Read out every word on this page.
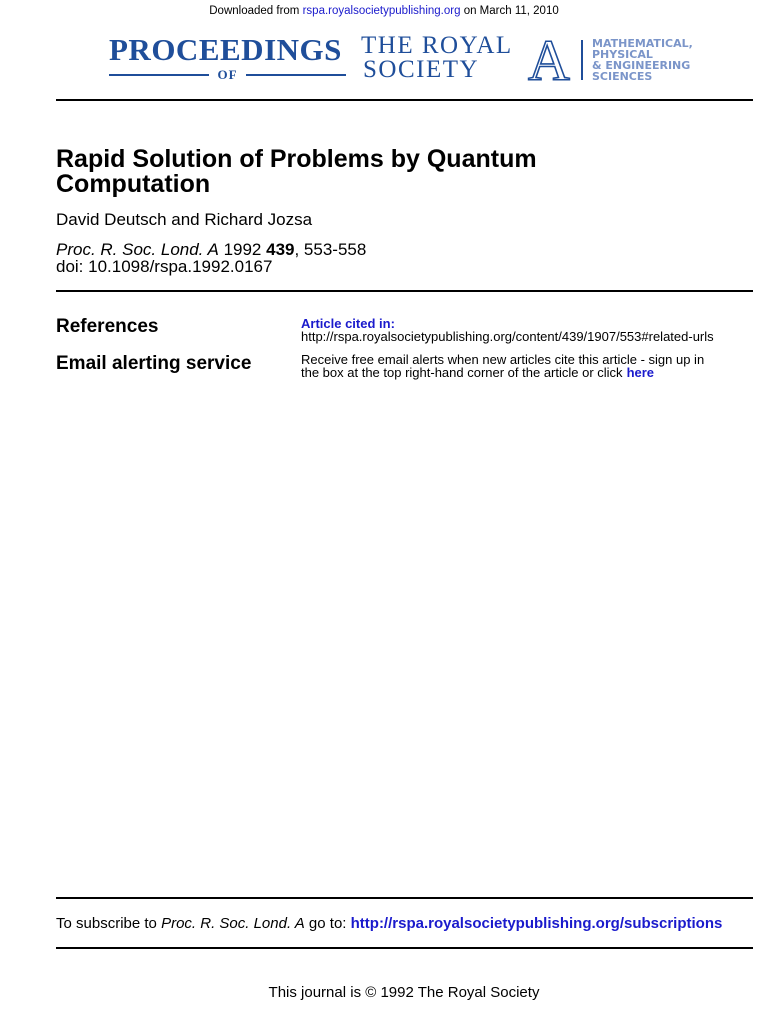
Downloaded from rspa.royalsocietypublishing.org on March 11, 2010
PROCEEDINGS
OF
THE ROYAL
SOCIETY A MATHEMATICAL,
PHYSICAL
& ENGINEERING
SCIENCES
Rapid Solution of Problems by Quantum
Computation
David Deutsch and Richard Jozsa
Proc. R. Soc. Lond. A 1992 439, 553-558
doi: 10.1098/rspa.1992.0167
References	Article cited in:
http://rspa.royalsocietypublishing.org/content/439/1907/553#related-urls
Email alerting service	Receive free email alerts when new articles cite this article - sign up in
the box at the top right-hand corner of the article or click here
To subscribe to Proc. R. Soc. Lond. A go to: http://rspa.royalsocietypublishing.org/subscriptions
This journal is © 1992 The Royal Society
